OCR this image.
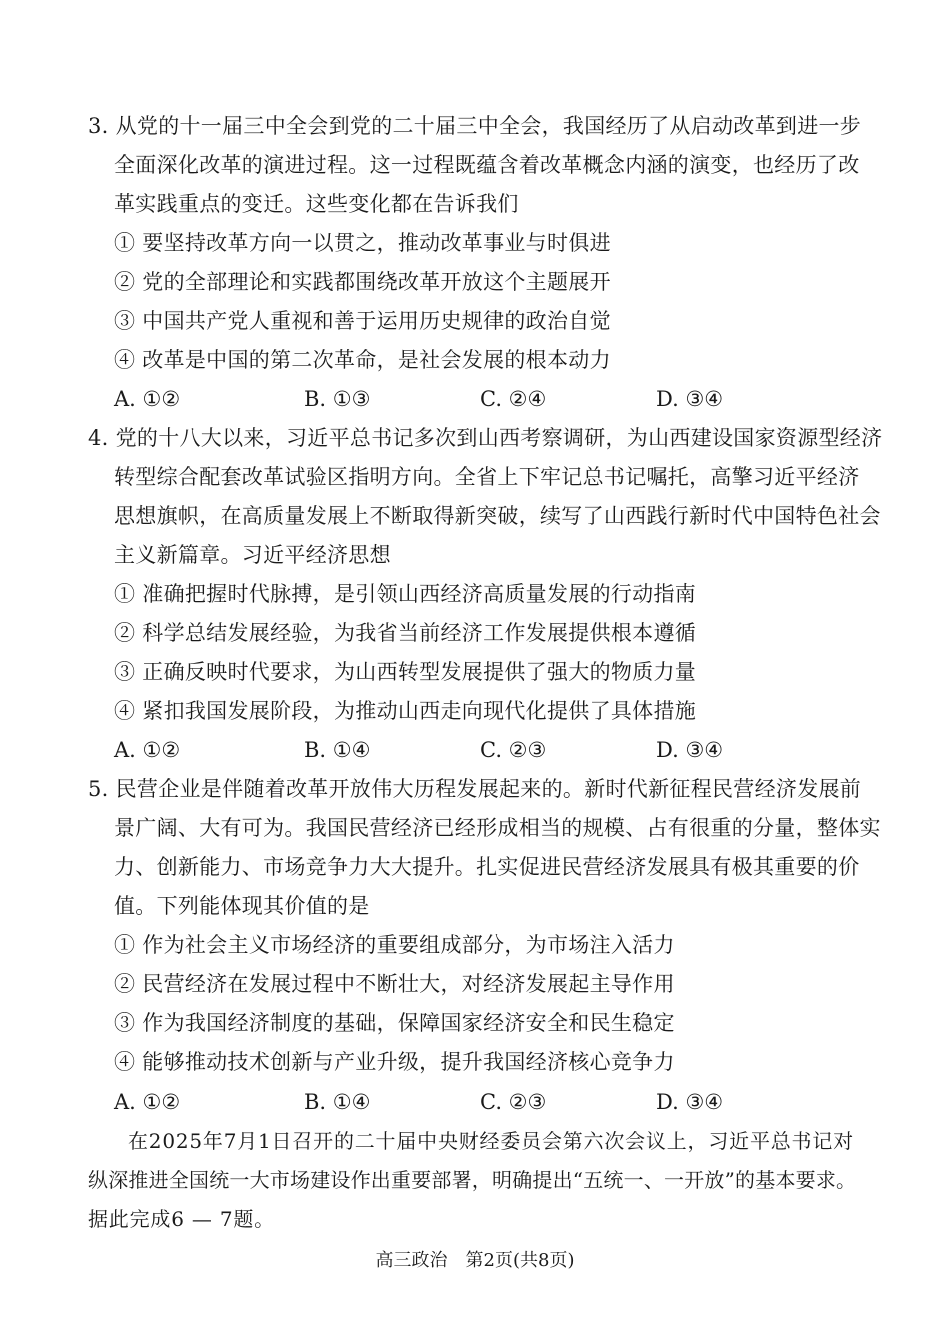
3. 从党的十一届三中全会到党的二十届三中全会，我国经历了从启动改革到进一步
全面深化改革的演进过程。这一过程既蕴含着改革概念内涵的演变，也经历了改
革实践重点的变迁。这些变化都在告诉我们
① 要坚持改革方向一以贯之，推动改革事业与时俱进
② 党的全部理论和实践都围绕改革开放这个主题展开
③ 中国共产党人重视和善于运用历史规律的政治自觉
④ 改革是中国的第二次革命，是社会发展的根本动力
A. ①②	B. ①③	C. ②④	D. ③④
4. 党的十八大以来，习近平总书记多次到山西考察调研，为山西建设国家资源型经济
转型综合配套改革试验区指明方向。全省上下牢记总书记嘱托，高擎习近平经济
思想旗帜，在高质量发展上不断取得新突破，续写了山西践行新时代中国特色社会
主义新篇章。习近平经济思想
① 准确把握时代脉搏，是引领山西经济高质量发展的行动指南
② 科学总结发展经验，为我省当前经济工作发展提供根本遵循
③ 正确反映时代要求，为山西转型发展提供了强大的物质力量
④ 紧扣我国发展阶段，为推动山西走向现代化提供了具体措施
A. ①②	B. ①④	C. ②③	D. ③④
5. 民营企业是伴随着改革开放伟大历程发展起来的。新时代新征程民营经济发展前
景广阔、大有可为。我国民营经济已经形成相当的规模、占有很重的分量，整体实
力、创新能力、市场竞争力大大提升。扎实促进民营经济发展具有极其重要的价
值。下列能体现其价值的是
① 作为社会主义市场经济的重要组成部分，为市场注入活力
② 民营经济在发展过程中不断壮大，对经济发展起主导作用
③ 作为我国经济制度的基础，保障国家经济安全和民生稳定
④ 能够推动技术创新与产业升级，提升我国经济核心竞争力
A. ①②	B. ①④	C. ②③	D. ③④
在2025年7月1日召开的二十届中央财经委员会第六次会议上，习近平总书记对
纵深推进全国统一大市场建设作出重要部署，明确提出“五统一、一开放”的基本要求。
据此完成6 — 7题。
高三政治　第2页(共8页)
